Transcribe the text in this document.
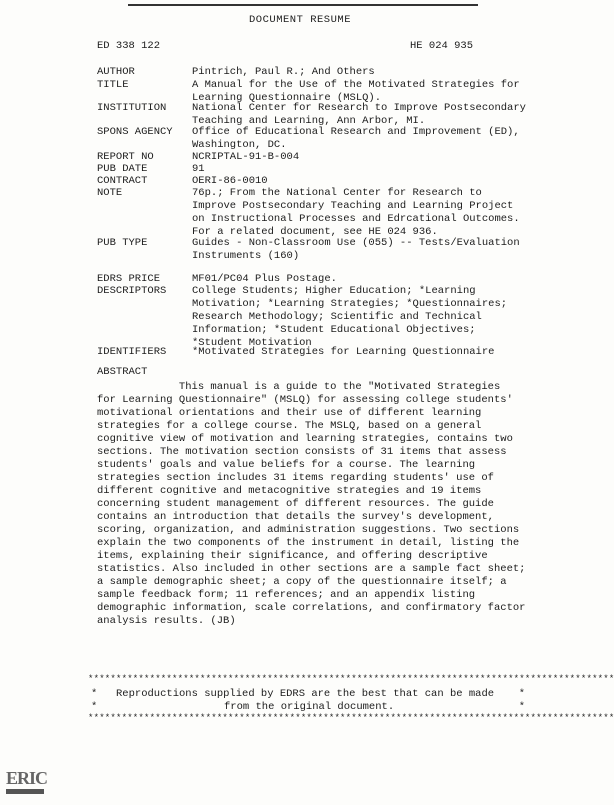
DOCUMENT RESUME
ED 338 122	HE 024 935
AUTHOR	Pintrich, Paul R.; And Others
TITLE	A Manual for the Use of the Motivated Strategies for
Learning Questionnaire (MSLQ).
INSTITUTION	National Center for Research to Improve Postsecondary
Teaching and Learning, Ann Arbor, MI.
SPONS AGENCY	Office of Educational Research and Improvement (ED),
Washington, DC.
REPORT NO	NCRIPTAL-91-B-004
PUB DATE	91
CONTRACT	OERI-86-0010
NOTE	76p.; From the National Center for Research to
Improve Postsecondary Teaching and Learning Project
on Instructional Processes and Edrcational Outcomes.
For a related document, see HE 024 936.
PUB TYPE	Guides - Non-Classroom Use (055) -- Tests/Evaluation
Instruments (160)
EDRS PRICE	MF01/PC04 Plus Postage.
DESCRIPTORS	College Students; Higher Education; *Learning
Motivation; *Learning Strategies; *Questionnaires;
Research Methodology; Scientific and Technical
Information; *Student Educational Objectives;
*Student Motivation
IDENTIFIERS	*Motivated Strategies for Learning Questionnaire
ABSTRACT
This manual is a guide to the "Motivated Strategies
for Learning Questionnaire" (MSLQ) for assessing college students'
motivational orientations and their use of different learning
strategies for a college course. The MSLQ, based on a general
cognitive view of motivation and learning strategies, contains two
sections. The motivation section consists of 31 items that assess
students' goals and value beliefs for a course. The learning
strategies section includes 31 items regarding students' use of
different cognitive and metacognitive strategies and 19 items
concerning student management of different resources. The guide
contains an introduction that details the survey's development,
scoring, organization, and administration suggestions. Two sections
explain the two components of the instrument in detail, listing the
items, explaining their significance, and offering descriptive
statistics. Also included in other sections are a sample fact sheet;
a sample demographic sheet; a copy of the questionnaire itself; a
sample feedback form; 11 references; and an appendix listing
demographic information, scale correlations, and confirmatory factor
analysis results. (JB)
**********************************************************************************************
* Reproductions supplied by EDRS are the best that can be made *
*	from the original document.	*
**********************************************************************************************
ERIC
